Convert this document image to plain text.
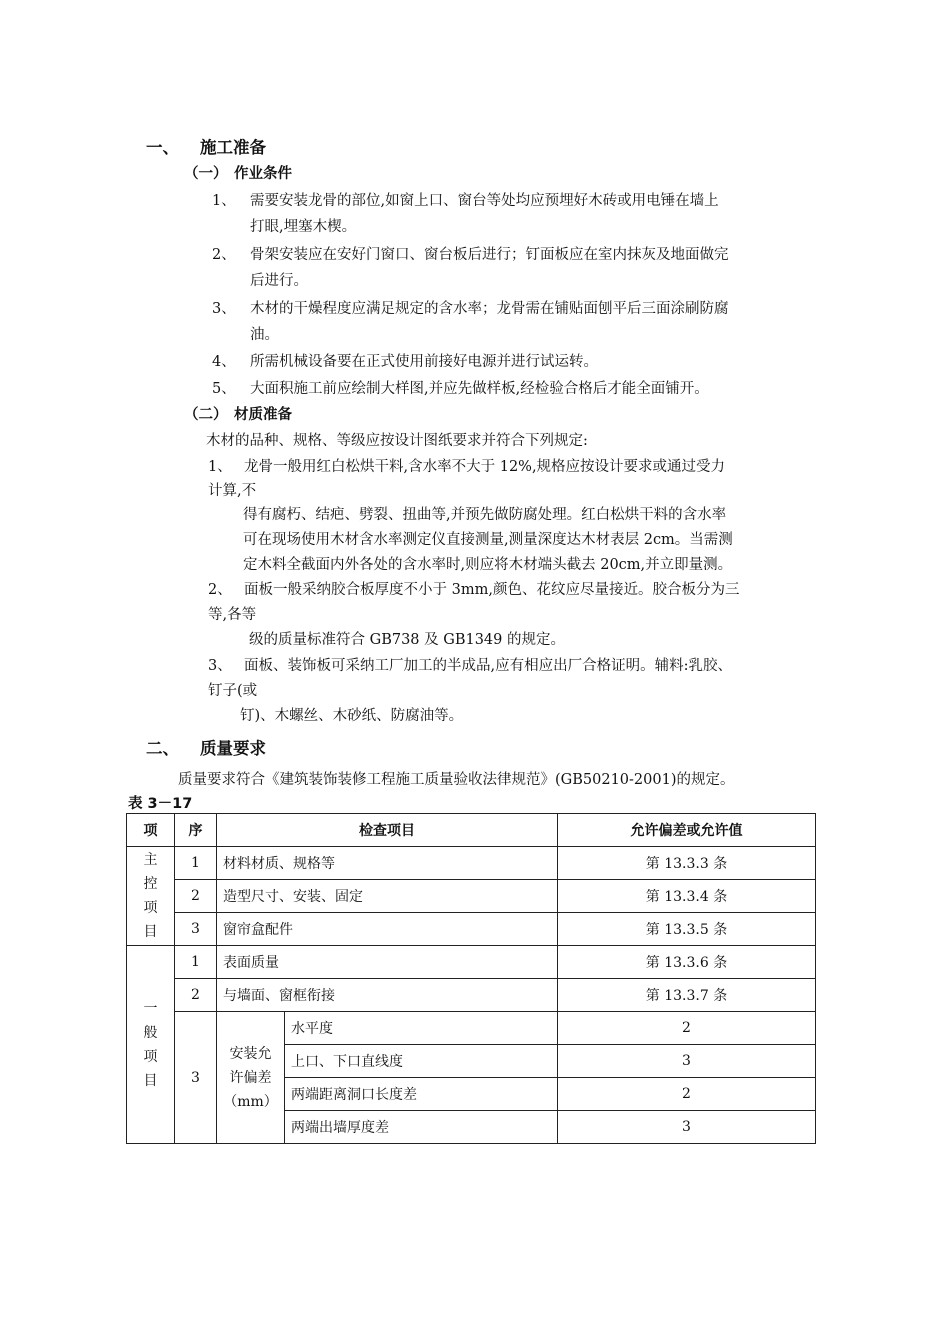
一、 施工准备
（一） 作业条件
1、 需要安装龙骨的部位,如窗上口、窗台等处均应预埋好木砖或用电锤在墙上
打眼,埋塞木楔。
2、 骨架安装应在安好门窗口、窗台板后进行；钉面板应在室内抹灰及地面做完
后进行。
3、 木材的干燥程度应满足规定的含水率；龙骨需在铺贴面刨平后三面涂刷防腐
油。
4、 所需机械设备要在正式使用前接好电源并进行试运转。
5、 大面积施工前应绘制大样图,并应先做样板,经检验合格后才能全面铺开。
（二） 材质准备
木材的品种、规格、等级应按设计图纸要求并符合下列规定:
1、 龙骨一般用红白松烘干料,含水率不大于 12%,规格应按设计要求或通过受力
计算,不
得有腐朽、结疤、劈裂、扭曲等,并预先做防腐处理。红白松烘干料的含水率
可在现场使用木材含水率测定仪直接测量,测量深度达木材表层 2cm。当需测
定木料全截面内外各处的含水率时,则应将木材端头截去 20cm,并立即量测。
2、 面板一般采纳胶合板厚度不小于 3mm,颜色、花纹应尽量接近。胶合板分为三
等,各等
级的质量标准符合 GB738 及 GB1349 的规定。
3、 面板、装饰板可采纳工厂加工的半成品,应有相应出厂合格证明。辅料:乳胶、
钉子(或
钉)、木螺丝、木砂纸、防腐油等。
二、 质量要求
质量要求符合《建筑装饰装修工程施工质量验收法律规范》(GB50210-2001)的规定。
表 3－17
项	序	检查项目		允许偏差或允许值

主
控
项
目	1	材料材质、规格等		第 13.3.3 条
	2	造型尺寸、安装、固定		第 13.3.4 条
	3	窗帘盒配件		第 13.3.5 条

一
般
项
目	1	表面质量		第 13.3.6 条
	2	与墙面、窗框衔接		第 13.3.7 条
	3	安装允
许偏差
（mm）	水平度	2
			上口、下口直线度	3
			两端距离洞口长度差	2
			两端出墙厚度差	3
